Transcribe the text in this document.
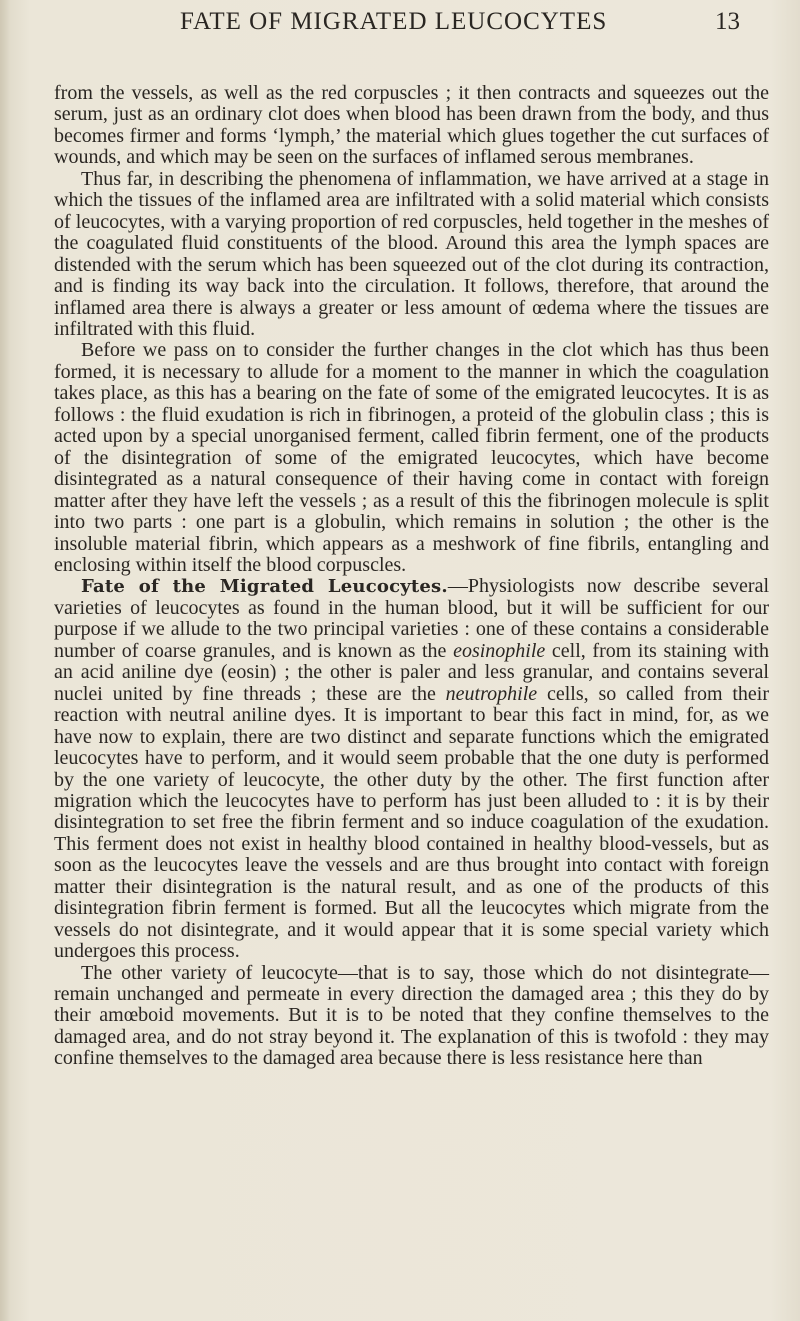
FATE OF MIGRATED LEUCOCYTES	13

from the vessels, as well as the red corpuscles ; it then contracts and squeezes out the serum, just as an ordinary clot does when blood has been drawn from the body, and thus becomes firmer and forms ‘lymph,’ the material which glues together the cut surfaces of wounds, and which may be seen on the surfaces of inflamed serous membranes.

Thus far, in describing the phenomena of inflammation, we have arrived at a stage in which the tissues of the inflamed area are infiltrated with a solid material which consists of leucocytes, with a varying proportion of red corpuscles, held together in the meshes of the coagulated fluid constituents of the blood. Around this area the lymph spaces are distended with the serum which has been squeezed out of the clot during its contraction, and is finding its way back into the circulation. It follows, therefore, that around the inflamed area there is always a greater or less amount of œdema where the tissues are infiltrated with this fluid.

Before we pass on to consider the further changes in the clot which has thus been formed, it is necessary to allude for a moment to the manner in which the coagulation takes place, as this has a bearing on the fate of some of the emigrated leucocytes. It is as follows : the fluid exudation is rich in fibrinogen, a proteid of the globulin class ; this is acted upon by a special unorganised ferment, called fibrin ferment, one of the products of the disintegration of some of the emigrated leucocytes, which have become disintegrated as a natural consequence of their having come in contact with foreign matter after they have left the vessels ; as a result of this the fibrinogen molecule is split into two parts : one part is a globulin, which remains in solution ; the other is the insoluble material fibrin, which appears as a meshwork of fine fibrils, entangling and enclosing within itself the blood corpuscles.

Fate of the Migrated Leucocytes.—Physiologists now describe several varieties of leucocytes as found in the human blood, but it will be sufficient for our purpose if we allude to the two principal varieties : one of these contains a considerable number of coarse granules, and is known as the eosinophile cell, from its staining with an acid aniline dye (eosin) ; the other is paler and less granular, and contains several nuclei united by fine threads ; these are the neutrophile cells, so called from their reaction with neutral aniline dyes. It is important to bear this fact in mind, for, as we have now to explain, there are two distinct and separate functions which the emigrated leucocytes have to perform, and it would seem probable that the one duty is performed by the one variety of leucocyte, the other duty by the other. The first function after migration which the leucocytes have to perform has just been alluded to : it is by their disintegration to set free the fibrin ferment and so induce coagulation of the exudation. This ferment does not exist in healthy blood contained in healthy blood-vessels, but as soon as the leucocytes leave the vessels and are thus brought into contact with foreign matter their disintegration is the natural result, and as one of the products of this disintegration fibrin ferment is formed. But all the leucocytes which migrate from the vessels do not disintegrate, and it would appear that it is some special variety which undergoes this process.

The other variety of leucocyte—that is to say, those which do not disintegrate—remain unchanged and permeate in every direction the damaged area ; this they do by their amœboid movements. But it is to be noted that they confine themselves to the damaged area, and do not stray beyond it. The explanation of this is twofold : they may confine themselves to the damaged area because there is less resistance here than
